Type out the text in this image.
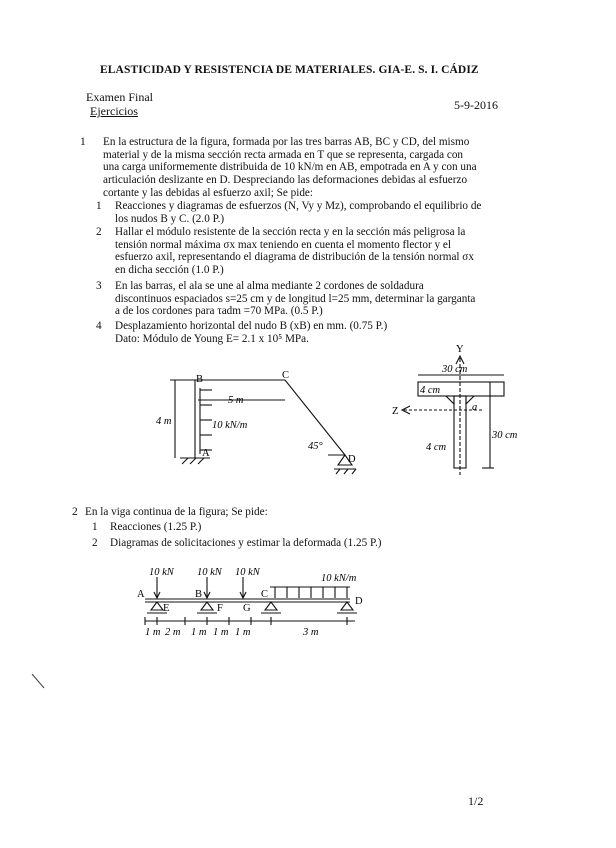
ELASTICIDAD Y RESISTENCIA DE MATERIALES. GIA-E. S. I. CÁDIZ
Examen Final
Ejercicios	5-9-2016
1 En la estructura de la figura, formada por las tres barras AB, BC y CD, del mismo
material y de la misma sección recta armada en T que se representa, cargada con
una carga uniformemente distribuida de 10 kN/m en AB, empotrada en A y con una
articulación deslizante en D. Despreciando las deformaciones debidas al esfuerzo
cortante y las debidas al esfuerzo axil; Se pide:
1 Reacciones y diagramas de esfuerzos (N, Vy y Mz), comprobando el equilibrio de
los nudos B y C. (2.0 P.)
2 Hallar el módulo resistente de la sección recta y en la sección más peligrosa la
tensión normal máxima σx max teniendo en cuenta el momento flector y el
esfuerzo axil, representando el diagrama de distribución de la tensión normal σx
en dicha sección (1.0 P.)
3 En las barras, el ala se une al alma mediante 2 cordones de soldadura
discontinuos espaciados s=25 cm y de longitud l=25 mm, determinar la garganta
a de los cordones para τadm =70 MPa. (0.5 P.)
4 Desplazamiento horizontal del nudo B (xB) en mm. (0.75 P.)
Dato: Módulo de Young E= 2.1 x 10⁵ MPa.
B	C
A
D
4 m
5 m
10 kN/m
45°
Y
Z
30 cm
4 cm
4 cm
30 cm
a
2 En la viga continua de la figura; Se pide:
1 Reacciones (1.25 P.)
2 Diagramas de solicitaciones y estimar la deformada (1.25 P.)
10 kN 10 kN 10 kN
10 kN/m
A
E
B
F G
C
D
1 m 2 m 1 m 1 m 1 m	3 m
1/2
